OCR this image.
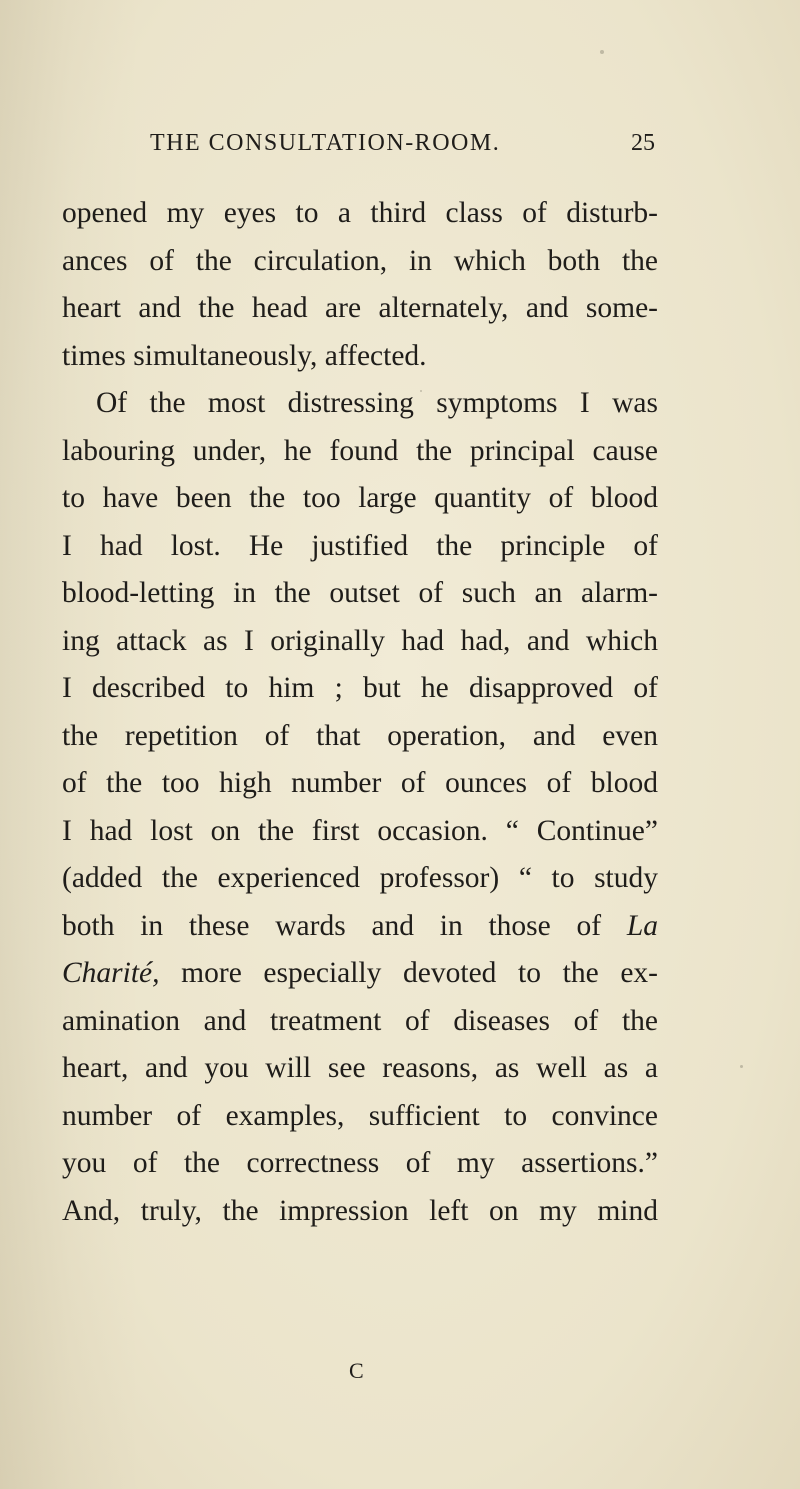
THE CONSULTATION-ROOM.	25

opened my eyes to a third class of disturb-
ances of the circulation, in which both the
heart and the head are alternately, and some-
times simultaneously, affected.
Of the most distressing symptoms I was
labouring under, he found the principal cause
to have been the too large quantity of blood
I had lost. He justified the principle of
blood-letting in the outset of such an alarm-
ing attack as I originally had had, and which
I described to him ; but he disapproved of
the repetition of that operation, and even
of the too high number of ounces of blood
I had lost on the first occasion. “ Continue”
(added the experienced professor) “ to study
both in these wards and in those of La
Charité, more especially devoted to the ex-
amination and treatment of diseases of the
heart, and you will see reasons, as well as a
number of examples, sufficient to convince
you of the correctness of my assertions.”
And, truly, the impression left on my mind

C
